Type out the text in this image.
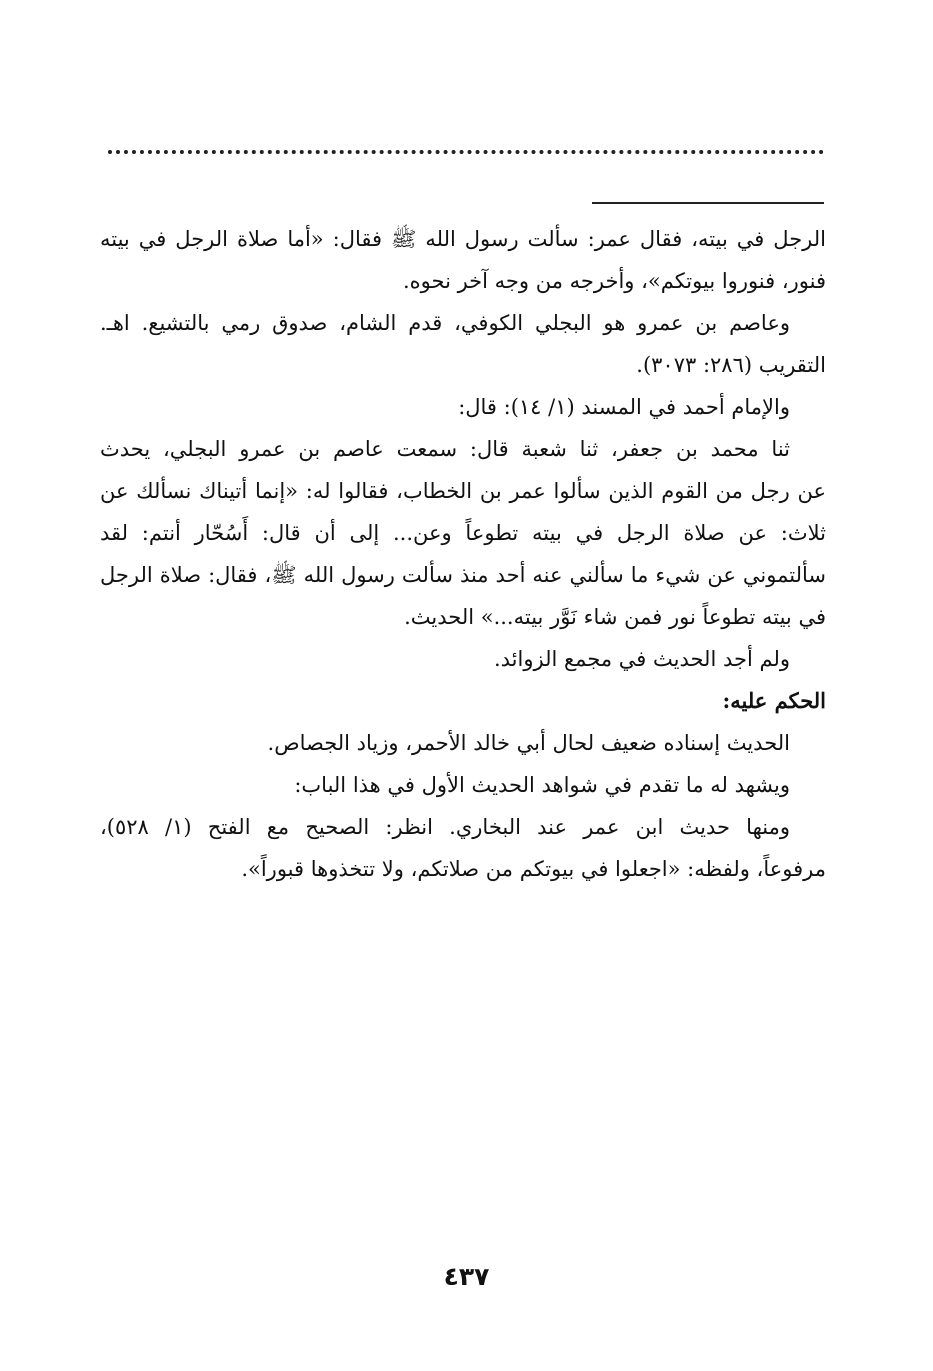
الرجل في بيته، فقال عمر: سألت رسول الله ﷺ فقال: «أما صلاة الرجل في بيته
فنور، فنوروا بيوتكم»، وأخرجه من وجه آخر نحوه.
وعاصم بن عمرو هو البجلي الكوفي، قدم الشام، صدوق رمي بالتشيع. اهـ.
التقريب (٢٨٦: ٣٠٧٣).
والإمام أحمد في المسند (١/ ١٤): قال:
ثنا محمد بن جعفر، ثنا شعبة قال: سمعت عاصم بن عمرو البجلي، يحدث
عن رجل من القوم الذين سألوا عمر بن الخطاب، فقالوا له: «إنما أتيناك نسألك عن
ثلاث: عن صلاة الرجل في بيته تطوعاً وعن... إلى أن قال: أَسُحّار أنتم: لقد
سألتموني عن شيء ما سألني عنه أحد منذ سألت رسول الله ﷺ، فقال: صلاة الرجل
في بيته تطوعاً نور فمن شاء نَوَّر بيته...» الحديث.
ولم أجد الحديث في مجمع الزوائد.
الحكم عليه:
الحديث إسناده ضعيف لحال أبي خالد الأحمر، وزياد الجصاص.
ويشهد له ما تقدم في شواهد الحديث الأول في هذا الباب:
ومنها حديث ابن عمر عند البخاري. انظر: الصحيح مع الفتح (١/ ٥٢٨)،
مرفوعاً، ولفظه: «اجعلوا في بيوتكم من صلاتكم، ولا تتخذوها قبوراً».
٤٣٧
